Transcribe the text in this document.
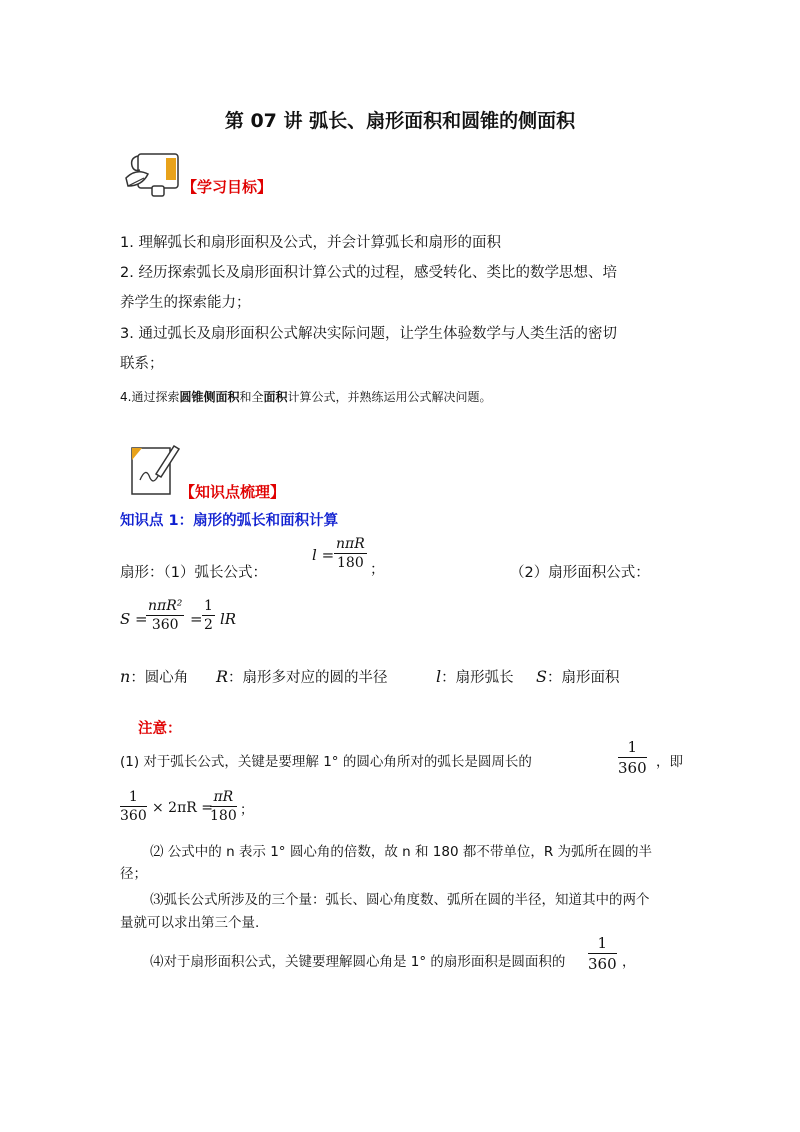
第 07 讲 弧长、扇形面积和圆锥的侧面积
【学习目标】
1. 理解弧长和扇形面积及公式，并会计算弧长和扇形的面积
2. 经历探索弧长及扇形面积计算公式的过程，感受转化、类比的数学思想、培
养学生的探索能力；
3. 通过弧长及扇形面积公式解决实际问题，让学生体验数学与人类生活的密切
联系；
4.通过探索圆锥侧面积和全面积计算公式，并熟练运用公式解决问题。
【知识点梳理】
知识点 1：扇形的弧长和面积计算
扇形：（1）弧长公式：
l =
nπR
180 ；	（2）扇形面积公式：
S =
nπR²
$360 = \frac{1}{2}$ lR
n：圆心角 R：扇形多对应的圆的半径	l：扇形弧长 S：扇形面积
注意：
(1) 对于弧长公式，关键是要理解 1° 的圆心角所对的弧长是圆周长的	$\frac{1}{360}$ ，即
$\frac{1}{360} \times 2\pi R$ =
$\frac{\pi R}{180}$ ；
⑵ 公式中的 n 表示 1° 圆心角的倍数，故 n 和 180 都不带单位，R 为弧所在圆的半
径；
⑶弧长公式所涉及的三个量：弧长、圆心角度数、弧所在圆的半径，知道其中的两个
量就可以求出第三个量.
⑷对于扇形面积公式，关键要理解圆心角是 1° 的扇形面积是圆面积的 $\frac{1}{360}$ ，
